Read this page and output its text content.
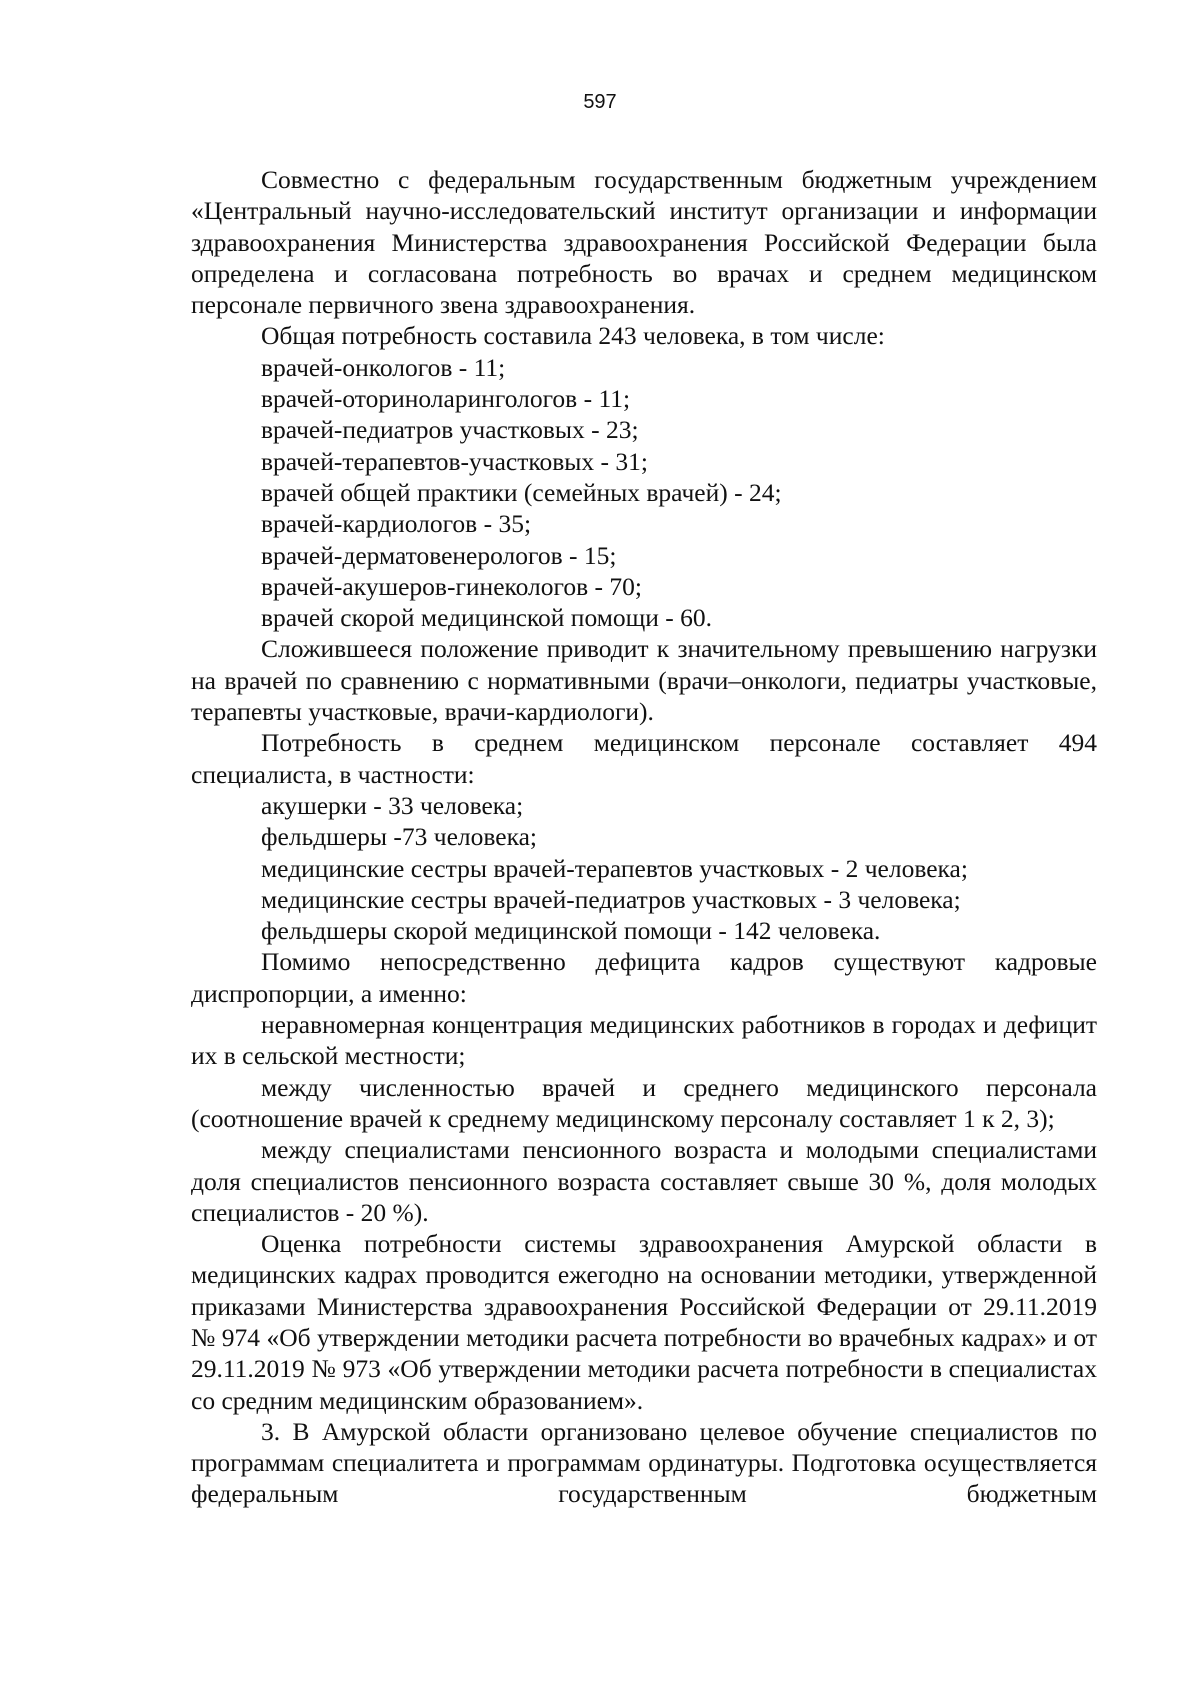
597

Совместно с федеральным государственным бюджетным учреждением «Центральный научно-исследовательский институт организации и информации здравоохранения Министерства здравоохранения Российской Федерации была определена и согласована потребность во врачах и среднем медицинском персонале первичного звена здравоохранения.

Общая потребность составила 243 человека, в том числе:

врачей-онкологов - 11;

врачей-оториноларингологов - 11;

врачей-педиатров участковых - 23;

врачей-терапевтов-участковых - 31;

врачей общей практики (семейных врачей) - 24;

врачей-кардиологов - 35;

врачей-дерматовенерологов - 15;

врачей-акушеров-гинекологов - 70;

врачей скорой медицинской помощи - 60.

Сложившееся положение приводит к значительному превышению нагрузки на врачей по сравнению с нормативными (врачи–онкологи, педиатры участковые, терапевты участковые, врачи-кардиологи).

Потребность в среднем медицинском персонале составляет 494 специалиста, в частности:

акушерки - 33 человека;

фельдшеры -73 человека;

медицинские сестры врачей-терапевтов участковых - 2 человека;

медицинские сестры врачей-педиатров участковых - 3 человека;

фельдшеры скорой медицинской помощи - 142 человека.

Помимо непосредственно дефицита кадров существуют кадровые диспропорции, а именно:

неравномерная концентрация медицинских работников в городах и дефицит их в сельской местности;

между численностью врачей и среднего медицинского персонала (соотношение врачей к среднему медицинскому персоналу составляет 1 к 2, 3);

между специалистами пенсионного возраста и молодыми специалистами доля специалистов пенсионного возраста составляет свыше 30 %, доля молодых специалистов - 20 %).

Оценка потребности системы здравоохранения Амурской области в медицинских кадрах проводится ежегодно на основании методики, утвержденной приказами Министерства здравоохранения Российской Федерации от 29.11.2019 № 974 «Об утверждении методики расчета потребности во врачебных кадрах» и от 29.11.2019 № 973 «Об утверждении методики расчета потребности в специалистах со средним медицинским образованием».

3. В Амурской области организовано целевое обучение специалистов по программам специалитета и программам ординатуры. Подготовка осуществляется федеральным государственным бюджетным
